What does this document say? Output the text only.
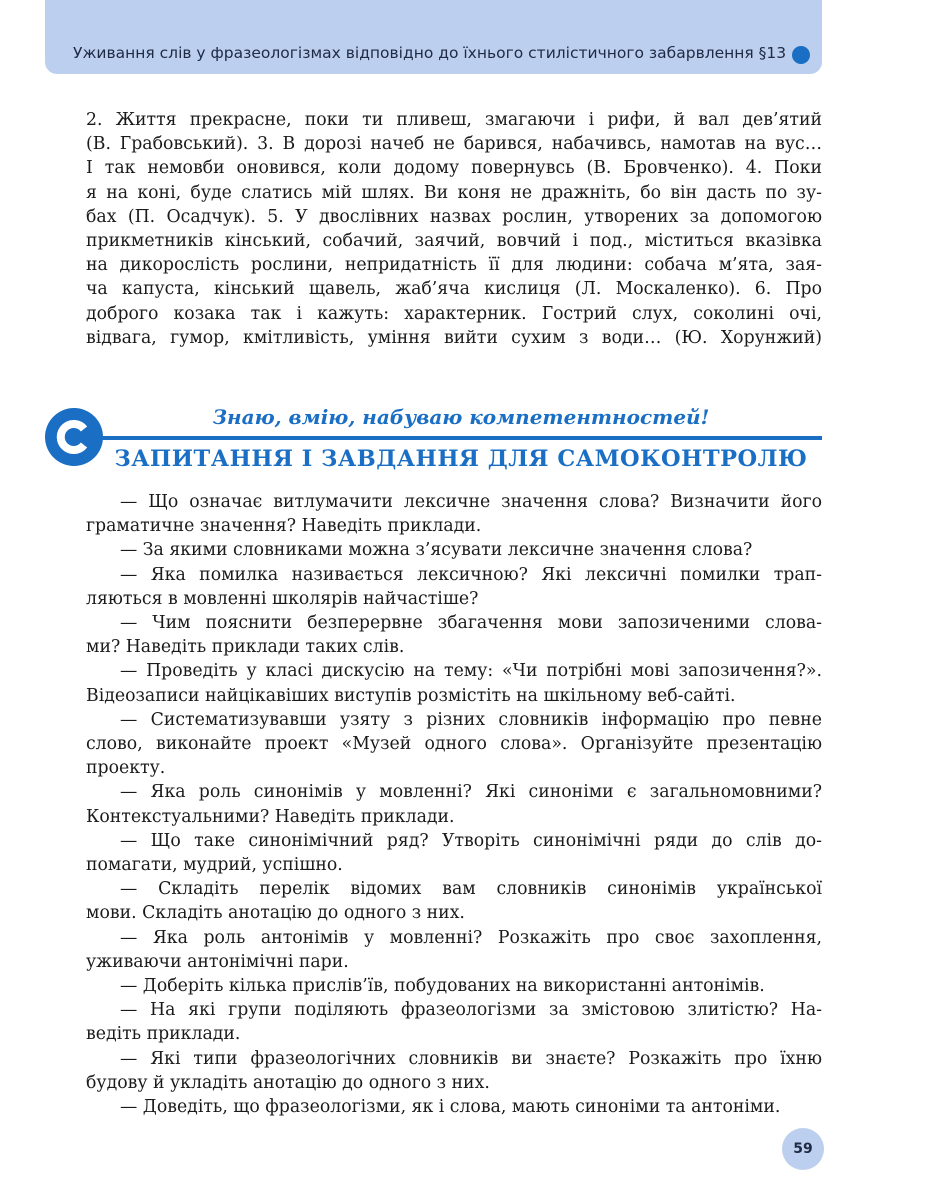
Уживання слів у фразеологізмах відповідно до їхнього стилістичного забарвлення §13
2. Життя прекрасне, поки ти пливеш, змагаючи і рифи, й вал дев’ятий
(В. Грабовський). 3. В дорозі начеб не барився, набачивсь, намотав на вус…
І так немовби оновився, коли додому повернувсь (В. Бровченко). 4. Поки
я на коні, буде слатись мій шлях. Ви коня не дражніть, бо він дасть по зу-
бах (П. Осадчук). 5. У двослівних назвах рослин, утворених за допомогою
прикметників кінський, собачий, заячий, вовчий і под., міститься вказівка
на дикорослість рослини, непридатність її для людини: собача м’ята, зая-
ча капуста, кінський щавель, жаб’яча кислиця (Л. Москаленко). 6. Про
доброго козака так і кажуть: характерник. Гострий слух, соколині очі,
відвага, гумор, кмітливість, уміння вийти сухим з води… (Ю. Хорунжий)
Знаю, вмію, набуваю компетентностей!
ЗАПИТАННЯ І ЗАВДАННЯ ДЛЯ САМОКОНТРОЛЮ
— Що означає витлумачити лексичне значення слова? Визначити його
граматичне значення? Наведіть приклади.
— За якими словниками можна з’ясувати лексичне значення слова?
— Яка помилка називається лексичною? Які лексичні помилки трап-
ляються в мовленні школярів найчастіше?
— Чим пояснити безперервне збагачення мови запозиченими слова-
ми? Наведіть приклади таких слів.
— Проведіть у класі дискусію на тему: «Чи потрібні мові запозичення?».
Відеозаписи найцікавіших виступів розмістіть на шкільному веб-сайті.
— Систематизувавши узяту з різних словників інформацію про певне
слово, виконайте проект «Музей одного слова». Організуйте презентацію
проекту.
— Яка роль синонімів у мовленні? Які синоніми є загальномовними?
Контекстуальними? Наведіть приклади.
— Що таке синонімічний ряд? Утворіть синонімічні ряди до слів до-
помагати, мудрий, успішно.
— Складіть перелік відомих вам словників синонімів української
мови. Складіть анотацію до одного з них.
— Яка роль антонімів у мовленні? Розкажіть про своє захоплення,
уживаючи антонімічні пари.
— Доберіть кілька прислів’їв, побудованих на використанні антонімів.
— На які групи поділяють фразеологізми за змістовою злитістю? На-
ведіть приклади.
— Які типи фразеологічних словників ви знаєте? Розкажіть про їхню
будову й укладіть анотацію до одного з них.
— Доведіть, що фразеологізми, як і слова, мають синоніми та антоніми.
59
